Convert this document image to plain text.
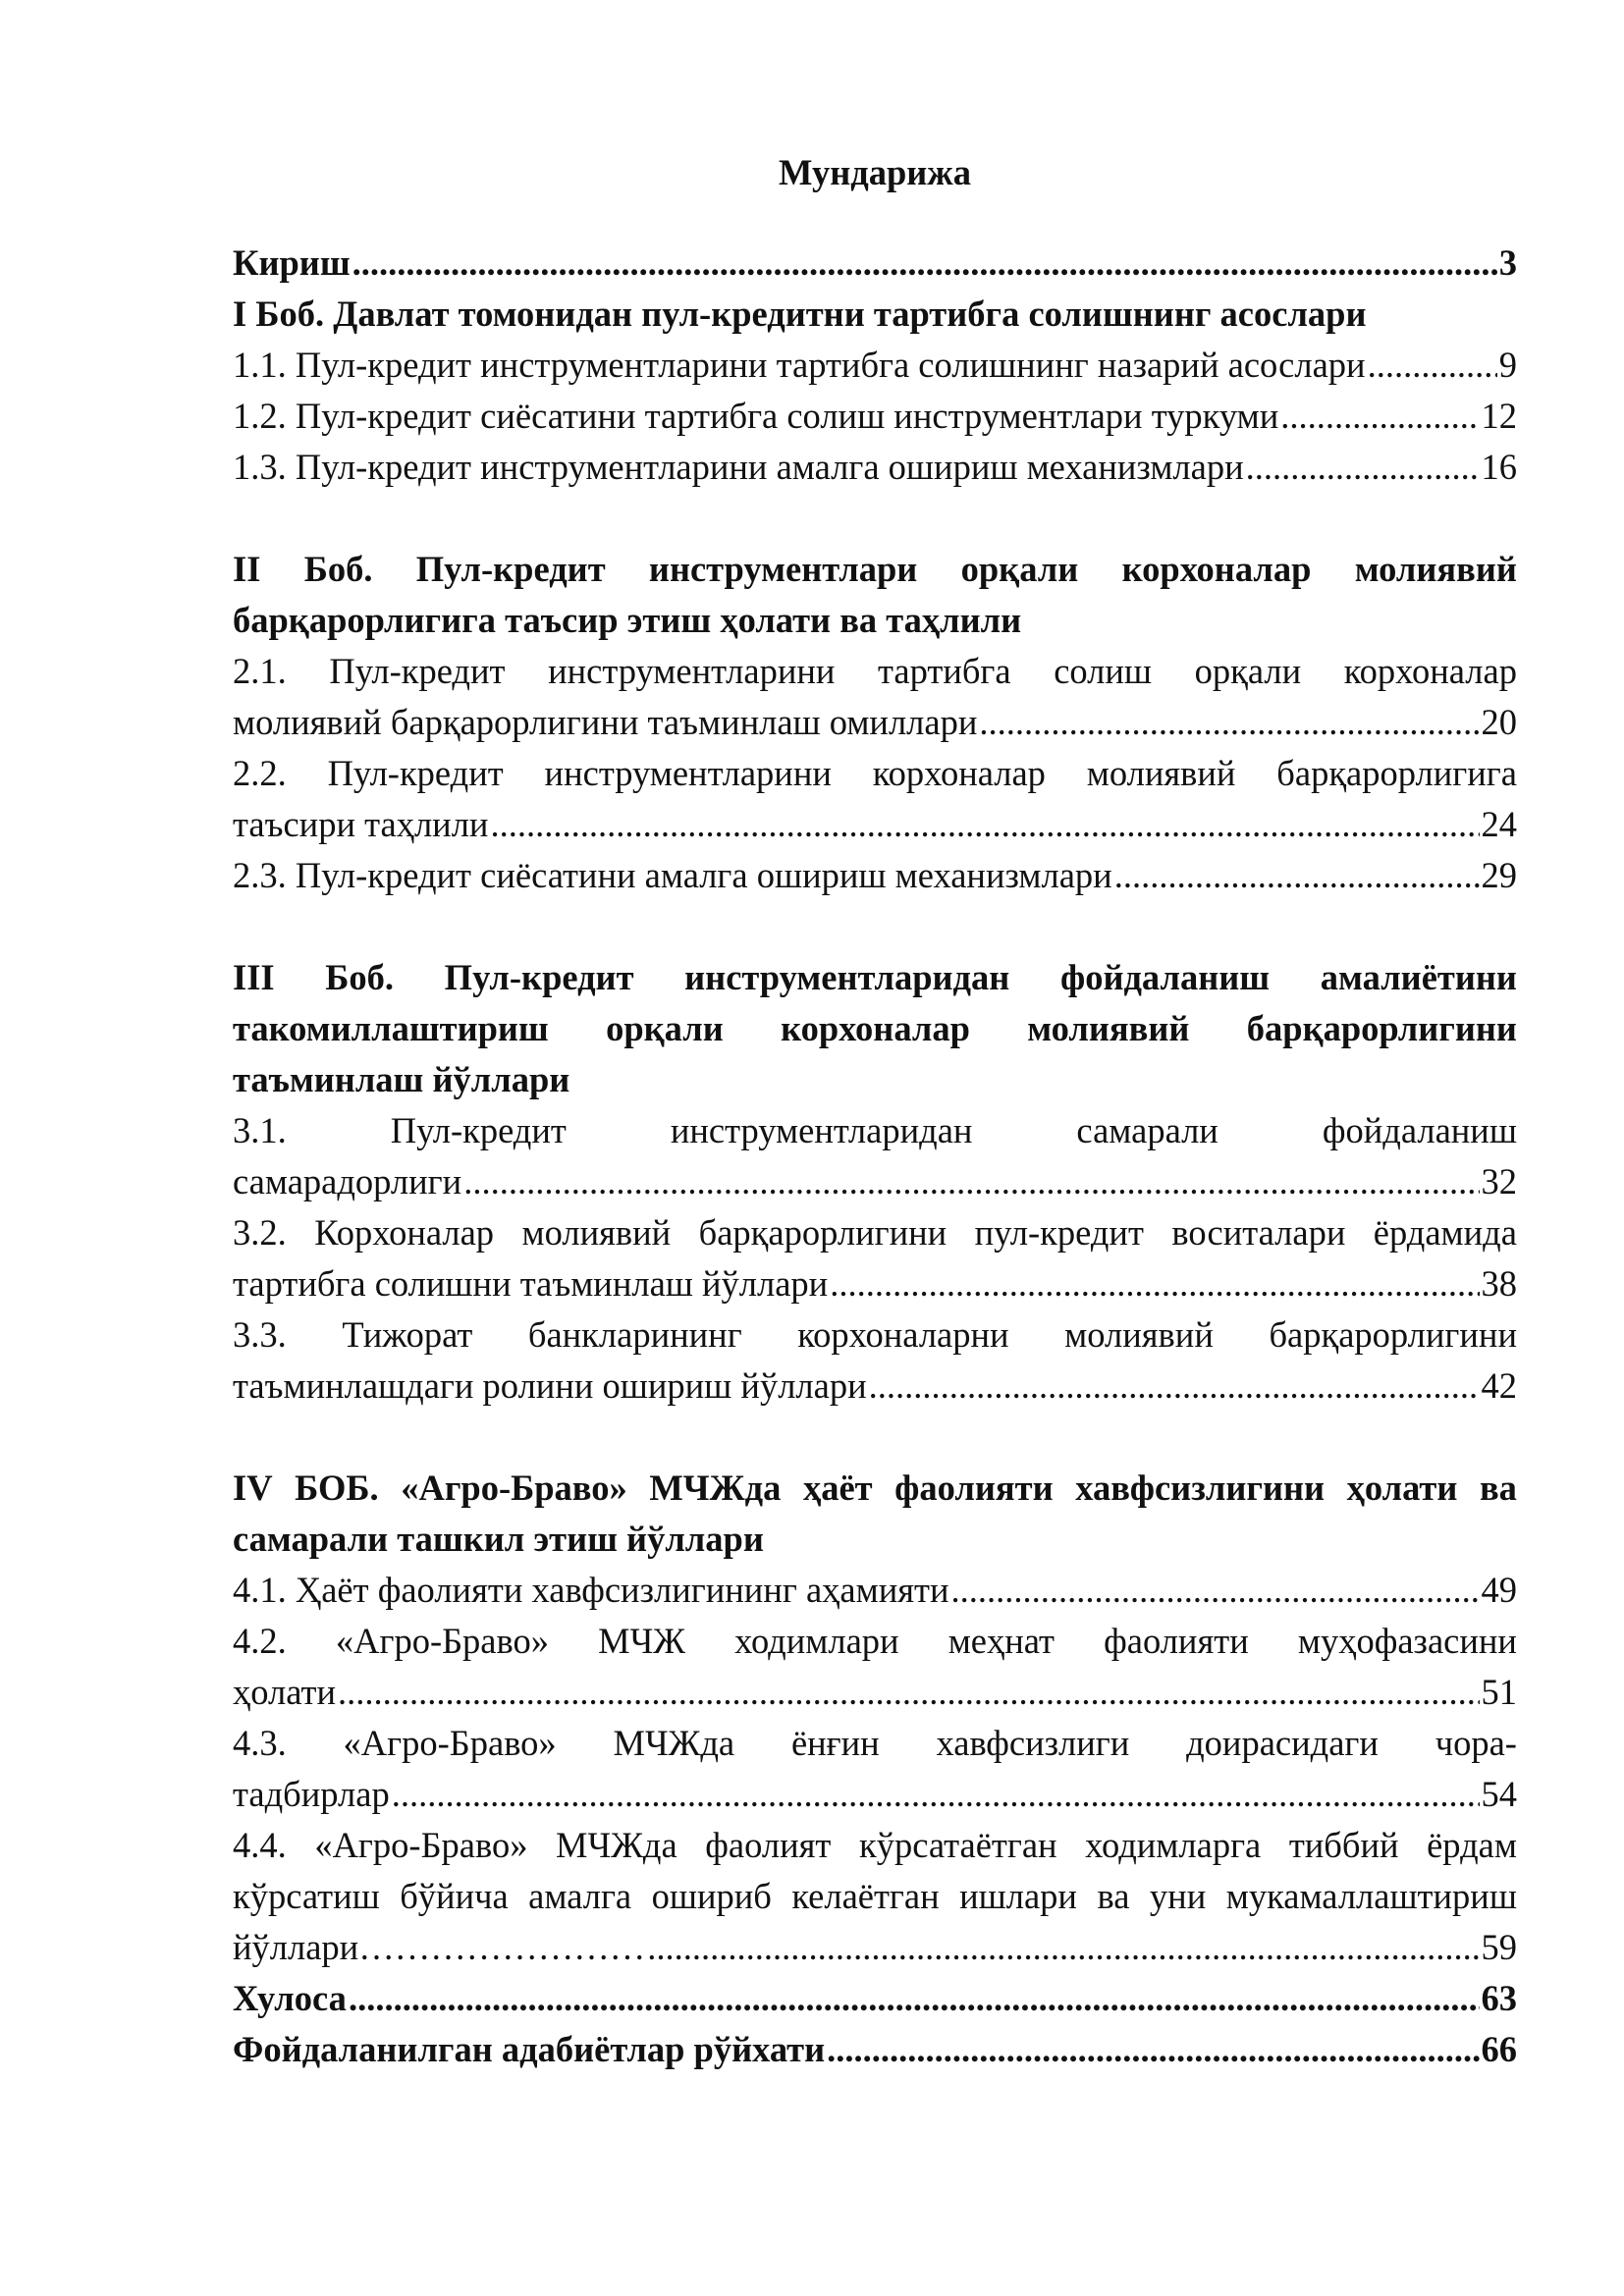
Мундарижа
Кириш .....	3
I Боб. Давлат томонидан пул-кредитни тартибга солишнинг асослари
1.1. Пул-кредит инструментларини тартибга солишнинг назарий асослари .....	9
1.2. Пул-кредит сиёсатини тартибга солиш инструментлари туркуми .....	12
1.3. Пул-кредит инструментларини амалга ошириш механизмлари .....	16
II Боб. Пул-кредит инструментлари орқали корхоналар молиявий
барқарорлигига таъсир этиш ҳолати ва таҳлили
2.1. Пул-кредит инструментларини тартибга солиш орқали корхоналар
молиявий барқарорлигини таъминлаш омиллари .....	20
2.2. Пул-кредит инструментларини корхоналар молиявий барқарорлигига
таъсири таҳлили .....	24
2.3. Пул-кредит сиёсатини амалга ошириш механизмлари .....	29
III Боб. Пул-кредит инструментларидан фойдаланиш амалиётини
такомиллаштириш орқали корхоналар молиявий барқарорлигини
таъминлаш йўллари
3.1.	Пул-кредит	инструментларидан	самарали	фойдаланиш
самарадорлиги .....	32
3.2. Корхоналар молиявий барқарорлигини пул-кредит воситалари ёрдамида
тартибга солишни таъминлаш йўллари .....	38
3.3. Тижорат банкларининг корхоналарни молиявий барқарорлигини
таъминлашдаги ролини ошириш йўллари .....	42
IV БОБ. «Агро-Браво» МЧЖда ҳаёт фаолияти хавфсизлигини ҳолати ва
самарали ташкил этиш йўллари
4.1. Ҳаёт фаолияти хавфсизлигининг аҳамияти .....	49
4.2. «Агро-Браво» МЧЖ ходимлари меҳнат фаолияти муҳофазасини
ҳолати .....	51
4.3. «Агро-Браво» МЧЖда ёнғин хавфсизлиги доирасидаги чора-
тадбирлар .....	54
4.4. «Агро-Браво» МЧЖда фаолият кўрсатаётган ходимларга тиббий ёрдам
кўрсатиш бўйича амалга ошириб келаётган ишлари ва уни мукамаллаштириш
йўллари…………………… .....	59
Хулоса .....	63
Фойдаланилган адабиётлар рўйхати .....	66
